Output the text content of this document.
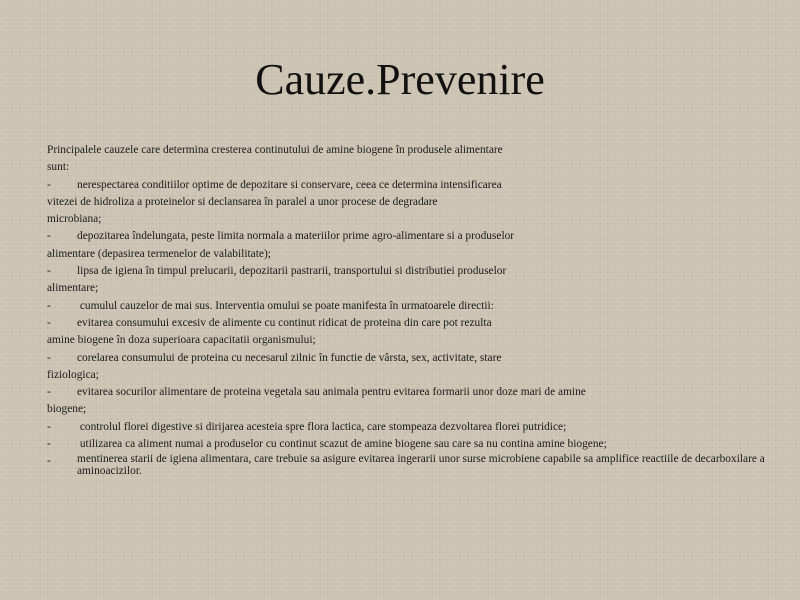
Cauze.Prevenire
Principalele cauzele care determina cresterea continutului de amine biogene în produsele alimentare
sunt:
- nerespectarea conditiilor optime de depozitare si conservare, ceea ce determina intensificarea
vitezei de hidroliza a proteinelor si declansarea în paralel a unor procese de degradare
microbiana;
- depozitarea îndelungata, peste limita normala a materiilor prime agro-alimentare si a produselor
alimentare (depasirea termenelor de valabilitate);
- lipsa de igiena în timpul prelucarii, depozitarii pastrarii, transportului si distributiei produselor
alimentare;
- cumulul cauzelor de mai sus. Interventia omului se poate manifesta în urmatoarele directii:
- evitarea consumului excesiv de alimente cu continut ridicat de proteina din care pot rezulta
amine biogene în doza superioara capacitatii organismului;
- corelarea consumului de proteina cu necesarul zilnic în functie de vârsta, sex, activitate, stare
fiziologica;
- evitarea socurilor alimentare de proteina vegetala sau animala pentru evitarea formarii unor doze mari de amine
biogene;
- controlul florei digestive si dirijarea acesteia spre flora lactica, care stompeaza dezvoltarea florei putridice;
- utilizarea ca aliment numai a produselor cu continut scazut de amine biogene sau care sa nu contina amine biogene;
-	mentinerea starii de igiena alimentara, care trebuie sa asigure evitarea ingerarii unor surse microbiene capabile sa amplifice reactiile de decarboxilare a aminoacizilor.
